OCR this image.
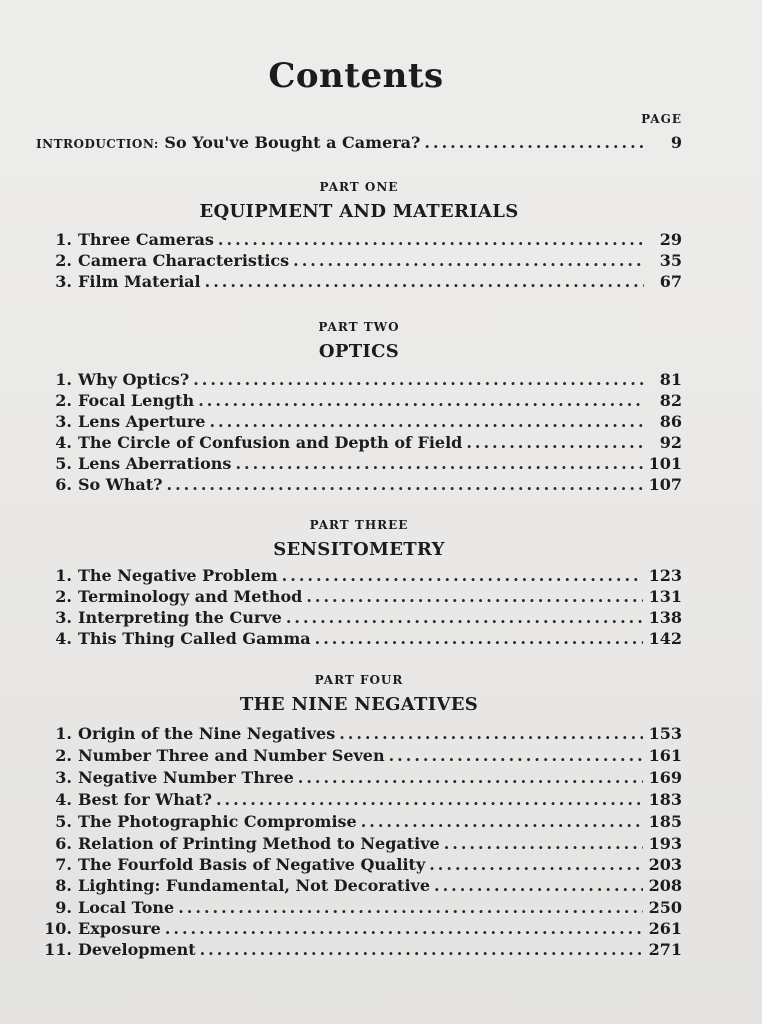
Contents
PAGE
INTRODUCTION: So You've Bought a Camera? .....	9
PART ONE
EQUIPMENT AND MATERIALS
1. Three Cameras .....	29
2. Camera Characteristics .....	35
3. Film Material .....	67
PART TWO
OPTICS
1. Why Optics? .....	81
2. Focal Length .....	82
3. Lens Aperture .....	86
4. The Circle of Confusion and Depth of Field .....	92
5. Lens Aberrations .....	101
6. So What? .....	107
PART THREE
SENSITOMETRY
1. The Negative Problem .....	123
2. Terminology and Method .....	131
3. Interpreting the Curve .....	138
4. This Thing Called Gamma .....	142
PART FOUR
THE NINE NEGATIVES
1. Origin of the Nine Negatives .....	153
2. Number Three and Number Seven .....	161
3. Negative Number Three .....	169
4. Best for What? .....	183
5. The Photographic Compromise .....	185
6. Relation of Printing Method to Negative .....	193
7. The Fourfold Basis of Negative Quality .....	203
8. Lighting: Fundamental, Not Decorative .....	208
9. Local Tone .....	250
10. Exposure .....	261
11. Development .....	271
